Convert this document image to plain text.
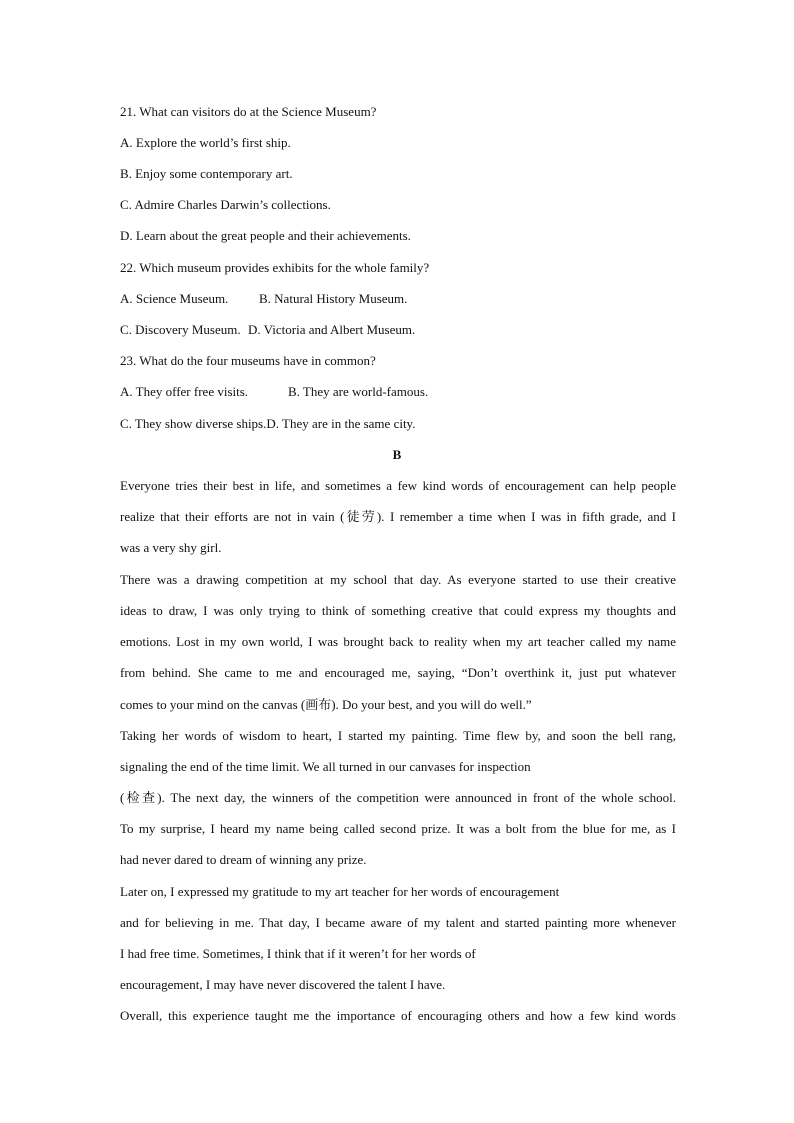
21. What can visitors do at the Science Museum?
A. Explore the world’s first ship.
B. Enjoy some contemporary art.
C. Admire Charles Darwin’s collections.
D. Learn about the great people and their achievements.
22. Which museum provides exhibits for the whole family?
A. Science Museum. B. Natural History Museum.
C. Discovery Museum. D. Victoria and Albert Museum.
23. What do the four museums have in common?
A. They offer free visits.	B. They are world-famous.
C. They show diverse ships.D. They are in the same city.
B
Everyone tries their best in life, and sometimes a few kind words of encouragement can help people
realize that their efforts are not in vain (徒劳). I remember a time when I was in fifth grade, and I
was a very shy girl.
There was a drawing competition at my school that day. As everyone started to use their creative
ideas to draw, I was only trying to think of something creative that could express my thoughts and
emotions. Lost in my own world, I was brought back to reality when my art teacher called my name
from behind. She came to me and encouraged me, saying, “Don’t overthink it, just put whatever
comes to your mind on the canvas (画布). Do your best, and you will do well.”
Taking her words of wisdom to heart, I started my painting. Time flew by, and soon the bell rang,
signaling the end of the time limit. We all turned in our canvases for inspection
(检查). The next day, the winners of the competition were announced in front of the whole school.
To my surprise, I heard my name being called second prize. It was a bolt from the blue for me, as I
had never dared to dream of winning any prize.
Later on, I expressed my gratitude to my art teacher for her words of encouragement
and for believing in me. That day, I became aware of my talent and started painting more whenever
I had free time. Sometimes, I think that if it weren’t for her words of
encouragement, I may have never discovered the talent I have.
Overall, this experience taught me the importance of encouraging others and how a few kind words
